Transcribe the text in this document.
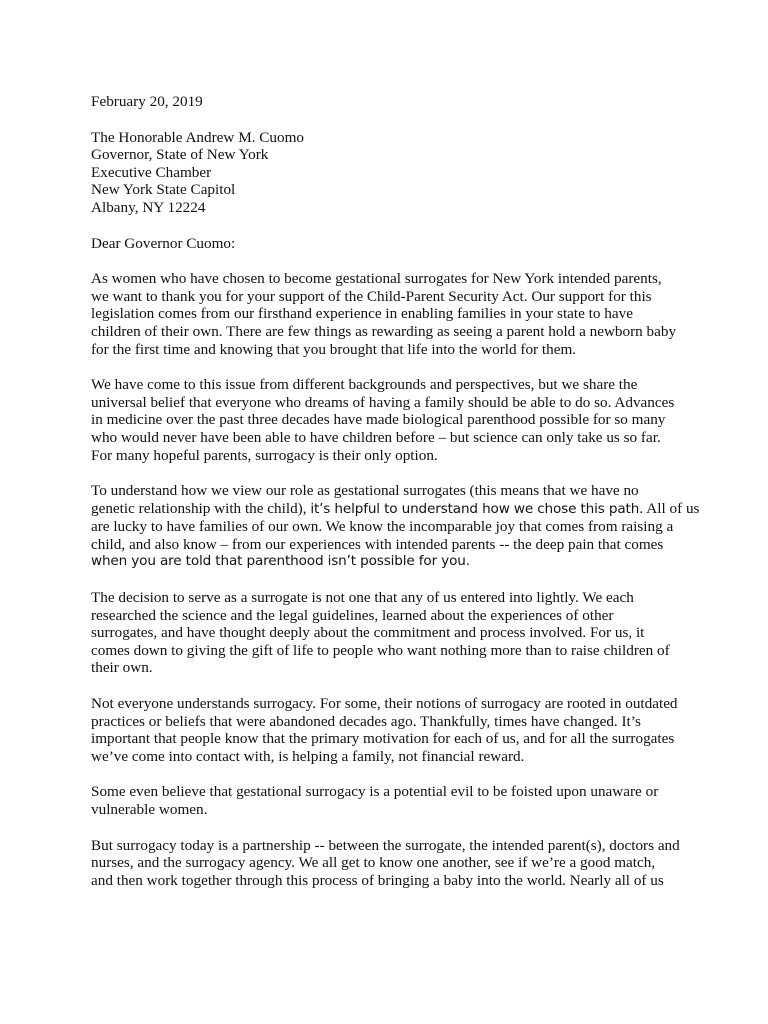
February 20, 2019
The Honorable Andrew M. Cuomo
Governor, State of New York
Executive Chamber
New York State Capitol
Albany, NY 12224
Dear Governor Cuomo:
As women who have chosen to become gestational surrogates for New York intended parents,
we want to thank you for your support of the Child-Parent Security Act. Our support for this
legislation comes from our firsthand experience in enabling families in your state to have
children of their own. There are few things as rewarding as seeing a parent hold a newborn baby
for the first time and knowing that you brought that life into the world for them.
We have come to this issue from different backgrounds and perspectives, but we share the
universal belief that everyone who dreams of having a family should be able to do so. Advances
in medicine over the past three decades have made biological parenthood possible for so many
who would never have been able to have children before – but science can only take us so far.
For many hopeful parents, surrogacy is their only option.
To understand how we view our role as gestational surrogates (this means that we have no
genetic relationship with the child), it’s helpful to understand how we chose this path. All of us
are lucky to have families of our own. We know the incomparable joy that comes from raising a
child, and also know – from our experiences with intended parents -- the deep pain that comes
when you are told that parenthood isn’t possible for you.
The decision to serve as a surrogate is not one that any of us entered into lightly. We each
researched the science and the legal guidelines, learned about the experiences of other
surrogates, and have thought deeply about the commitment and process involved. For us, it
comes down to giving the gift of life to people who want nothing more than to raise children of
their own.
Not everyone understands surrogacy. For some, their notions of surrogacy are rooted in outdated
practices or beliefs that were abandoned decades ago. Thankfully, times have changed. It’s
important that people know that the primary motivation for each of us, and for all the surrogates
we’ve come into contact with, is helping a family, not financial reward.
Some even believe that gestational surrogacy is a potential evil to be foisted upon unaware or
vulnerable women.
But surrogacy today is a partnership -- between the surrogate, the intended parent(s), doctors and
nurses, and the surrogacy agency. We all get to know one another, see if we’re a good match,
and then work together through this process of bringing a baby into the world. Nearly all of us
